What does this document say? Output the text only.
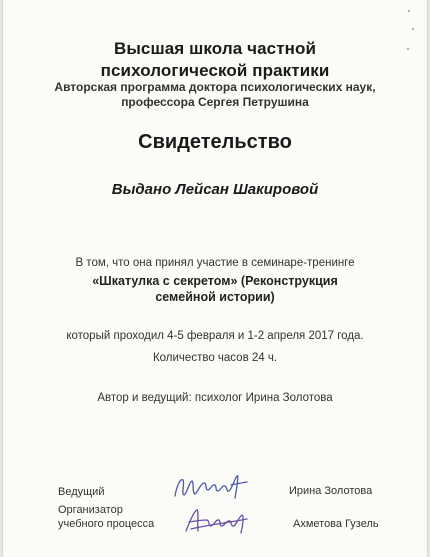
Высшая школа частной
психологической практики
Авторская программа доктора психологических наук,
профессора Сергея Петрушина
Свидетельство
Выдано Лейсан Шакировой
В том, что она принял участие в семинаре-тренинге
«Шкатулка с секретом» (Реконструкция
семейной истории)
который проходил 4-5 февраля и 1-2 апреля 2017 года.
Количество часов 24 ч.
Автор и ведущий: психолог Ирина Золотова
Ведущий	Ирина Золотова
Организатор
учебного процесса	Ахметова Гузель
